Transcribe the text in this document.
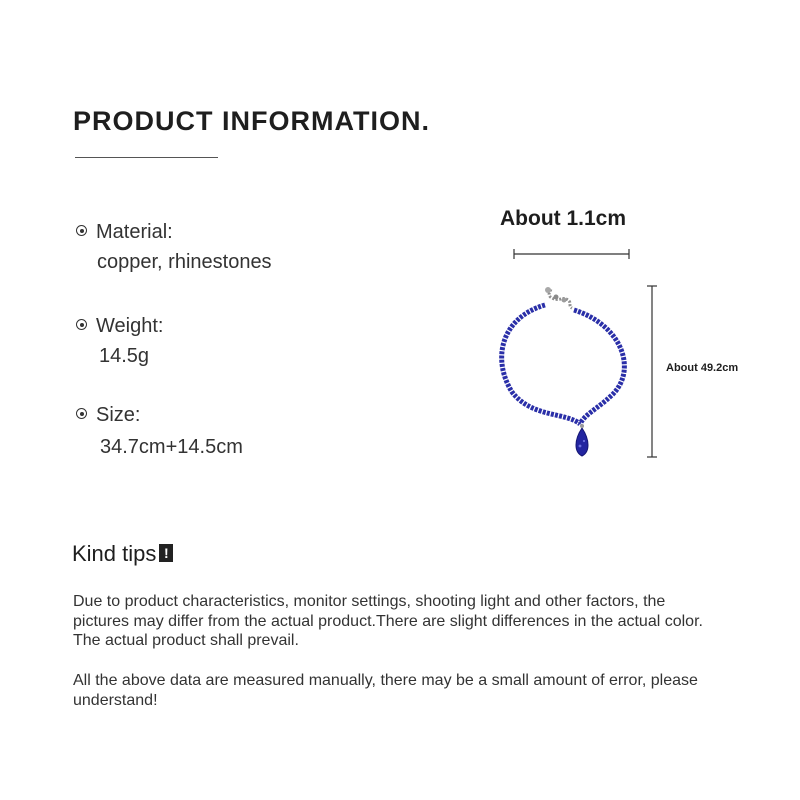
PRODUCT INFORMATION.
Material:
copper, rhinestones
Weight:
14.5g
Size:
34.7cm+14.5cm
About 1.1cm
About 49.2cm
Kind tips !
Due to product characteristics, monitor settings, shooting light and other factors, the pictures may differ from the actual product.There are slight differences in the actual color. The actual product shall prevail.
All the above data are measured manually, there may be a small amount of error, please understand!
